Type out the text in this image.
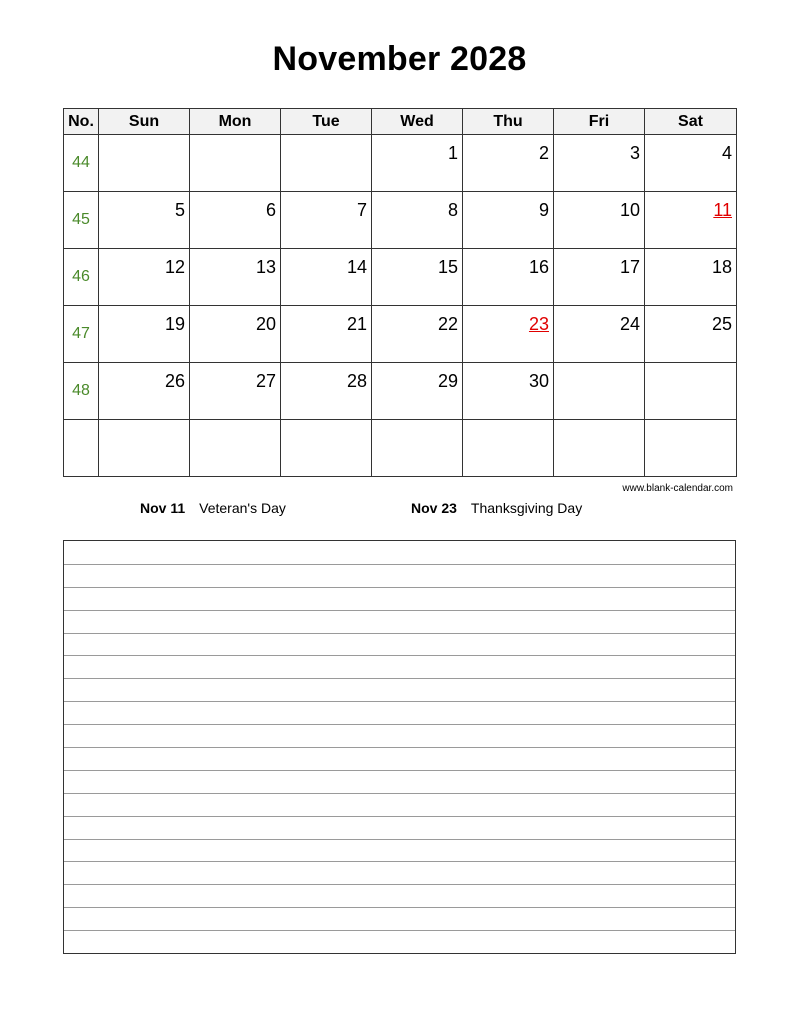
November 2028
No.	Sun	Mon	Tue	Wed	Thu	Fri	Sat
44				1	2	3	4

45	5	6	7	8	9	10	11

46	12	13	14	15	16	17	18

47	19	20	21	22	23	24	25

48	26	27	28	29	30		

www.blank-calendar.com
Nov 11 Veteran's Day	Nov 23 Thanksgiving Day
